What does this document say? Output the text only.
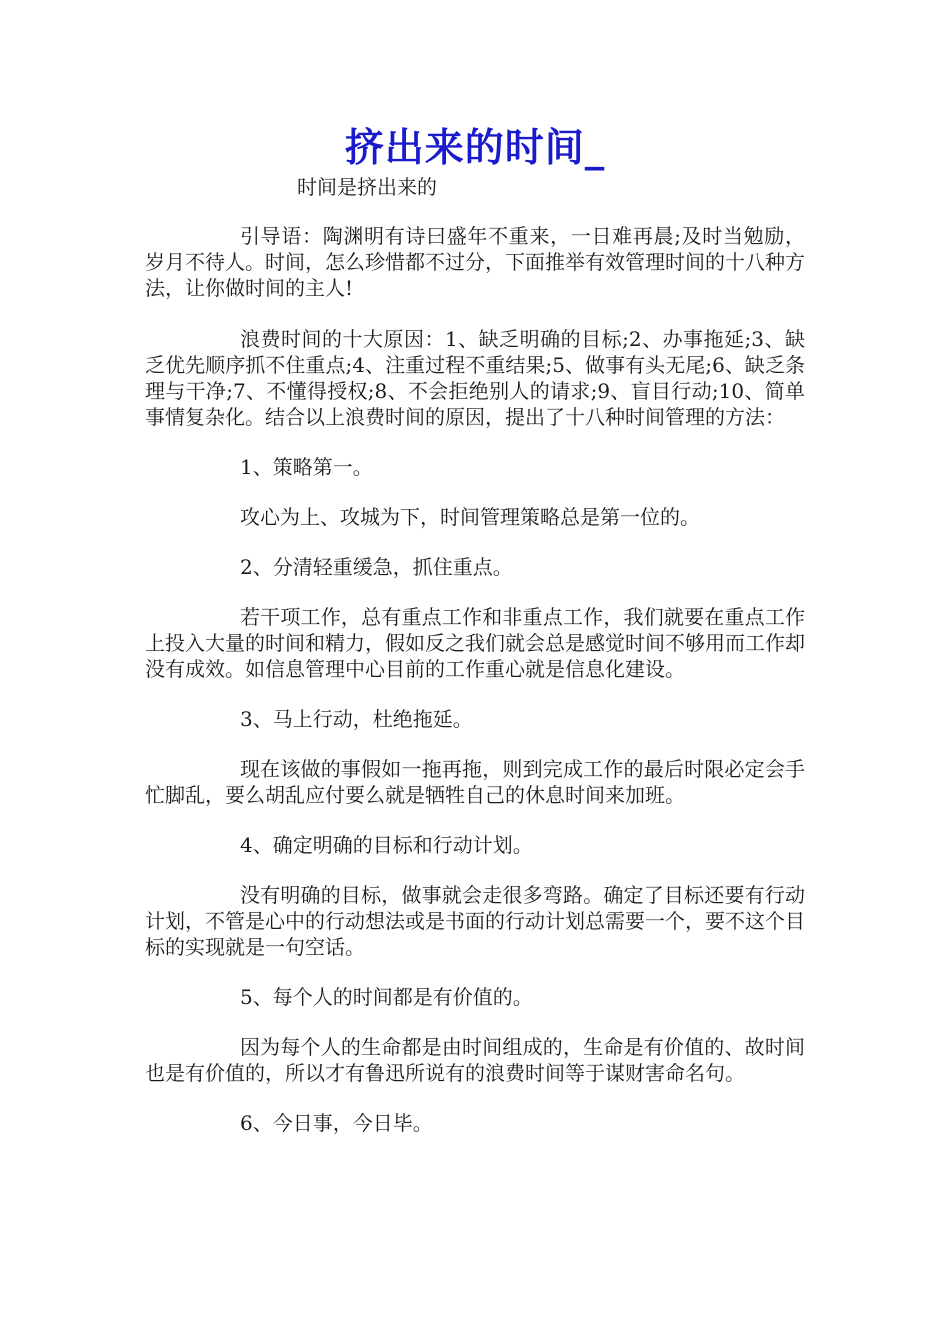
挤出来的时间_
时间是挤出来的

引导语：陶渊明有诗曰盛年不重来，一日难再晨;及时当勉励，岁月不待人。时间，怎么珍惜都不过分，下面推举有效管理时间的十八种方法，让你做时间的主人!

浪费时间的十大原因：1、缺乏明确的目标;2、办事拖延;3、缺乏优先顺序抓不住重点;4、注重过程不重结果;5、做事有头无尾;6、缺乏条理与干净;7、不懂得授权;8、不会拒绝别人的请求;9、盲目行动;10、简单事情复杂化。结合以上浪费时间的原因，提出了十八种时间管理的方法：

1、策略第一。

攻心为上、攻城为下，时间管理策略总是第一位的。

2、分清轻重缓急，抓住重点。

若干项工作，总有重点工作和非重点工作，我们就要在重点工作上投入大量的时间和精力，假如反之我们就会总是感觉时间不够用而工作却没有成效。如信息管理中心目前的工作重心就是信息化建设。

3、马上行动，杜绝拖延。

现在该做的事假如一拖再拖，则到完成工作的最后时限必定会手忙脚乱，要么胡乱应付要么就是牺牲自己的休息时间来加班。

4、确定明确的目标和行动计划。

没有明确的目标，做事就会走很多弯路。确定了目标还要有行动计划，不管是心中的行动想法或是书面的行动计划总需要一个，要不这个目标的实现就是一句空话。

5、每个人的时间都是有价值的。

因为每个人的生命都是由时间组成的，生命是有价值的、故时间也是有价值的，所以才有鲁迅所说有的浪费时间等于谋财害命名句。

6、今日事，今日毕。
